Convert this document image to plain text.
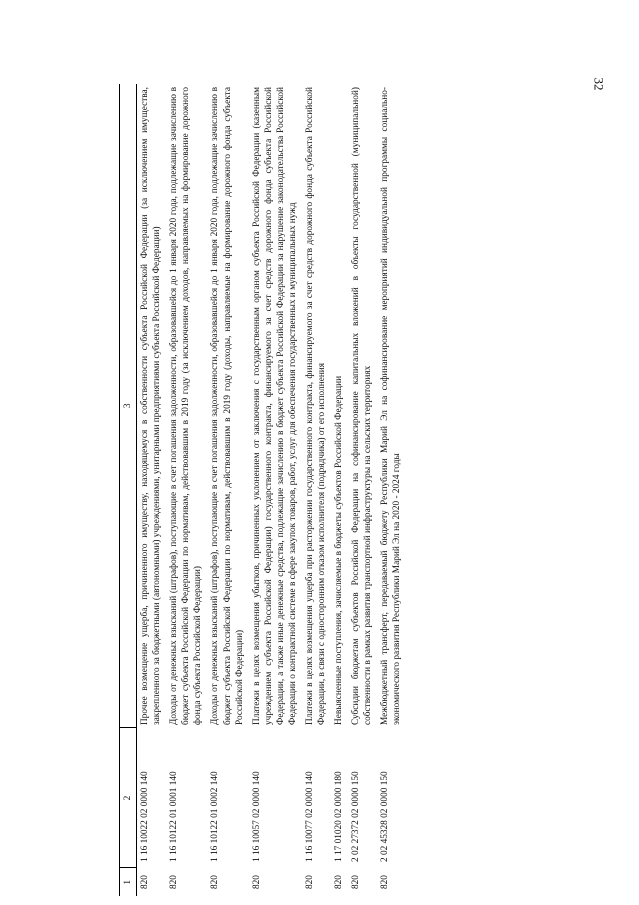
32
1	2	3
820	1 16 10022 02 0000 140	Прочее возмещение ущерба, причиненного имуществу, находящемуся в собственности субъекта Российской Федерации (за исключением имущества, закрепленного за бюджетными (автономными) учреждениями, унитарными предприятиями субъекта Российской Федерации)
820	1 16 10122 01 0001 140	Доходы от денежных взысканий (штрафов), поступающие в счет погашения задолженности, образовавшейся до 1 января 2020 года, подлежащие зачислению в бюджет субъекта Российской Федерации по нормативам, действовавшим в 2019 году (за исключением доходов, направляемых на формирование дорожного фонда субъекта Российской Федерации)
820	1 16 10122 01 0002 140	Доходы от денежных взысканий (штрафов), поступающие в счет погашения задолженности, образовавшейся до 1 января 2020 года, подлежащие зачислению в бюджет субъекта Российской Федерации по нормативам, действовавшим в 2019 году (доходы, направляемые на формирование дорожного фонда субъекта Российской Федерации)
820	1 16 10057 02 0000 140	Платежи в целях возмещения убытков, причиненных уклонением от заключения с государственным органом субъекта Российской Федерации (казенным учреждением субъекта Российской Федерации) государственного контракта, финансируемого за счет средств дорожного фонда субъекта Российской Федерации, а также иные денежные средства, подлежащие зачислению в бюджет субъекта Российской Федерации за нарушение законодательства Российской Федерации о контрактной системе в сфере закупок товаров, работ, услуг для обеспечения государственных и муниципальных нужд
820	1 16 10077 02 0000 140	Платежи в целях возмещения ущерба при расторжении государственного контракта, финансируемого за счет средств дорожного фонда субъекта Российской Федерации, в связи с односторонним отказом исполнителя (подрядчика) от его исполнения
820	1 17 01020 02 0000 180	Невыясненные поступления, зачисляемые в бюджеты субъектов Российской Федерации
820	2 02 27372 02 0000 150	Субсидии бюджетам субъектов Российской Федерации на софинансирование капитальных вложений в объекты государственной (муниципальной) собственности в рамках развития транспортной инфраструктуры на сельских территориях
820	2 02 45328 02 0000 150	Межбюджетный трансферт, передаваемый бюджету Республики Марий Эл на софинансирование мероприятий индивидуальной программы социально-экономического развития Республики Марий Эл на 2020 - 2024 годы
